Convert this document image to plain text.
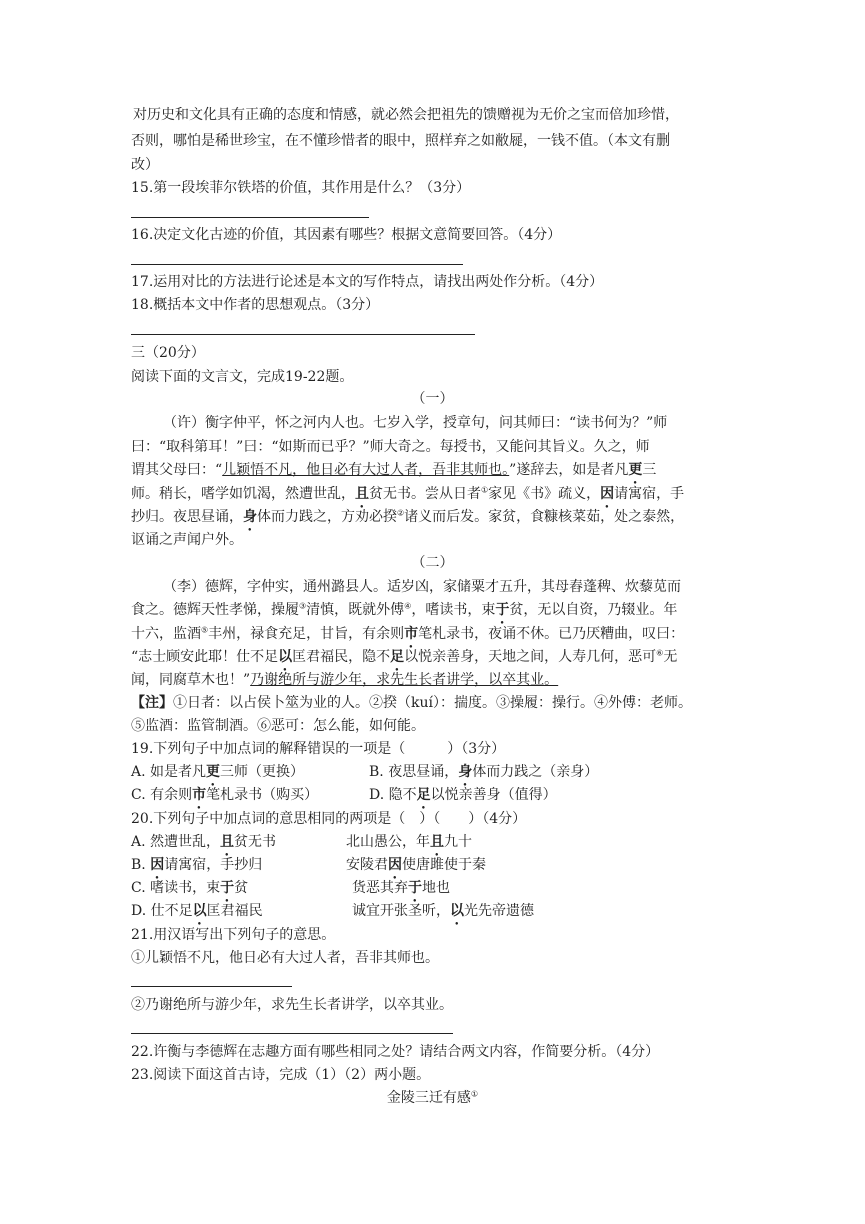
对历史和文化具有正确的态度和情感，就必然会把祖先的馈赠视为无价之宝而倍加珍惜，
否则，哪怕是稀世珍宝，在不懂珍惜者的眼中，照样弃之如敝屣，一钱不值。（本文有删
改）
15.第一段埃菲尔铁塔的价值，其作用是什么？（3分）
16.决定文化古迹的价值，其因素有哪些？根据文意简要回答。（4分）
17.运用对比的方法进行论述是本文的写作特点，请找出两处作分析。（4分）
18.概括本文中作者的思想观点。（3分）
三（20分）
阅读下面的文言文，完成19-22题。
（一）
（许）衡字仲平，怀之河内人也。七岁入学，授章句，问其师曰：“读书何为？”师
曰：“取科第耳！”曰：“如斯而已乎？”师大奇之。每授书，又能问其旨义。久之，师
谓其父母曰：“儿颖悟不凡，他日必有大过人者，吾非其师也。”遂辞去，如是者凡更三
师。稍长，嗜学如饥渴，然遭世乱，且贫无书。尝从日者①家见《书》疏义，因请寓宿，手
抄归。夜思昼诵，身体而力践之，方劝必揆②诸义而后发。家贫，食糠核菜茹，处之泰然，
讴诵之声闻户外。
（二）
（李）德辉，字仲实，通州潞县人。适岁凶，家储粟才五升，其母舂蓬稗、炊藜苋而
食之。德辉天性孝悌，操履③清慎，既就外傅④，嗜读书，束于贫，无以自资，乃辍业。年
十六，监酒⑤丰州，禄食充足，甘旨，有余则市笔札录书，夜诵不休。已乃厌糟曲，叹曰：
“志士顾安此耶！仕不足以匡君福民，隐不足以悦亲善身，天地之间，人寿几何，恶可⑥无
闻，同腐草木也！”乃谢绝所与游少年，求先生长者讲学，以卒其业。
【注】①日者：以占侯卜筮为业的人。②揆（kuí）：揣度。③操履：操行。④外傅：老师。
⑤监酒：监管制酒。⑥恶可：怎么能，如何能。
19.下列句子中加点词的解释错误的一项是（　　　）（3分）
A. 如是者凡更三师（更换）	B. 夜思昼诵，身体而力践之（亲身）
C. 有余则市笔札录书（购买）	D. 隐不足以悦亲善身（值得）
20.下列句子中加点词的意思相同的两项是（　）（　　）（4分）
A. 然遭世乱，且贫无书	北山愚公，年且九十
B. 因请寓宿，手抄归	安陵君因使唐雎使于秦
C. 嗜读书，束于贫	货恶其弃于地也
D. 仕不足以匡君福民	诚宜开张圣听，以光先帝遗德
21.用汉语写出下列句子的意思。
①儿颖悟不凡，他日必有大过人者，吾非其师也。
②乃谢绝所与游少年，求先生长者讲学，以卒其业。
22.许衡与李德辉在志趣方面有哪些相同之处？请结合两文内容，作简要分析。（4分）
23.阅读下面这首古诗，完成（1）（2）两小题。
金陵三迁有感①
